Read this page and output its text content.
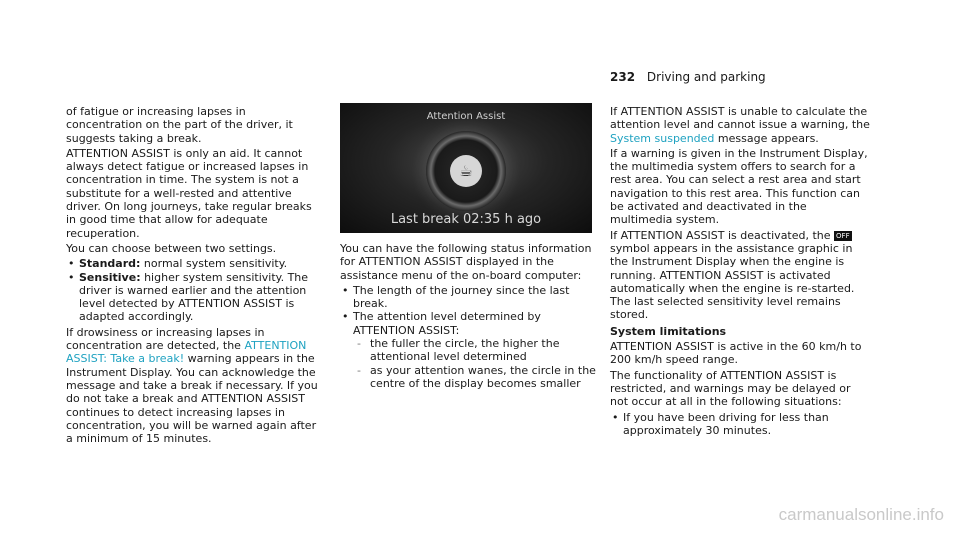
232 Driving and parking

of fatigue or increasing lapses in concentration on the part of the driver, it suggests taking a break.

ATTENTION ASSIST is only an aid. It cannot always detect fatigue or increased lapses in concentration in time. The system is not a substitute for a well-rested and attentive driver. On long journeys, take regular breaks in good time that allow for adequate recuperation.

You can choose between two settings.

• Standard: normal system sensitivity.
• Sensitive: higher system sensitivity. The driver is warned earlier and the attention level detected by ATTENTION ASSIST is adapted accordingly.

If drowsiness or increasing lapses in concentration are detected, the ATTENTION ASSIST: Take a break! warning appears in the Instrument Display. You can acknowledge the message and take a break if necessary. If you do not take a break and ATTENTION ASSIST continues to detect increasing lapses in concentration, you will be warned again after a minimum of 15 minutes.

Attention Assist
☕
Last break 02:35 h ago

You can have the following status information for ATTENTION ASSIST displayed in the assistance menu of the on-board computer:

• The length of the journey since the last break.
• The attention level determined by ATTENTION ASSIST:
- the fuller the circle, the higher the attentional level determined
- as your attention wanes, the circle in the centre of the display becomes smaller

If ATTENTION ASSIST is unable to calculate the attention level and cannot issue a warning, the System suspended message appears.

If a warning is given in the Instrument Display, the multimedia system offers to search for a rest area. You can select a rest area and start navigation to this rest area. This function can be activated and deactivated in the multimedia system.

If ATTENTION ASSIST is deactivated, the OFF symbol appears in the assistance graphic in the Instrument Display when the engine is running. ATTENTION ASSIST is activated automatically when the engine is re-started. The last selected sensitivity level remains stored.

System limitations

ATTENTION ASSIST is active in the 60 km/h to 200 km/h speed range.

The functionality of ATTENTION ASSIST is restricted, and warnings may be delayed or not occur at all in the following situations:

• If you have been driving for less than approximately 30 minutes.
carmanualsonline.info
